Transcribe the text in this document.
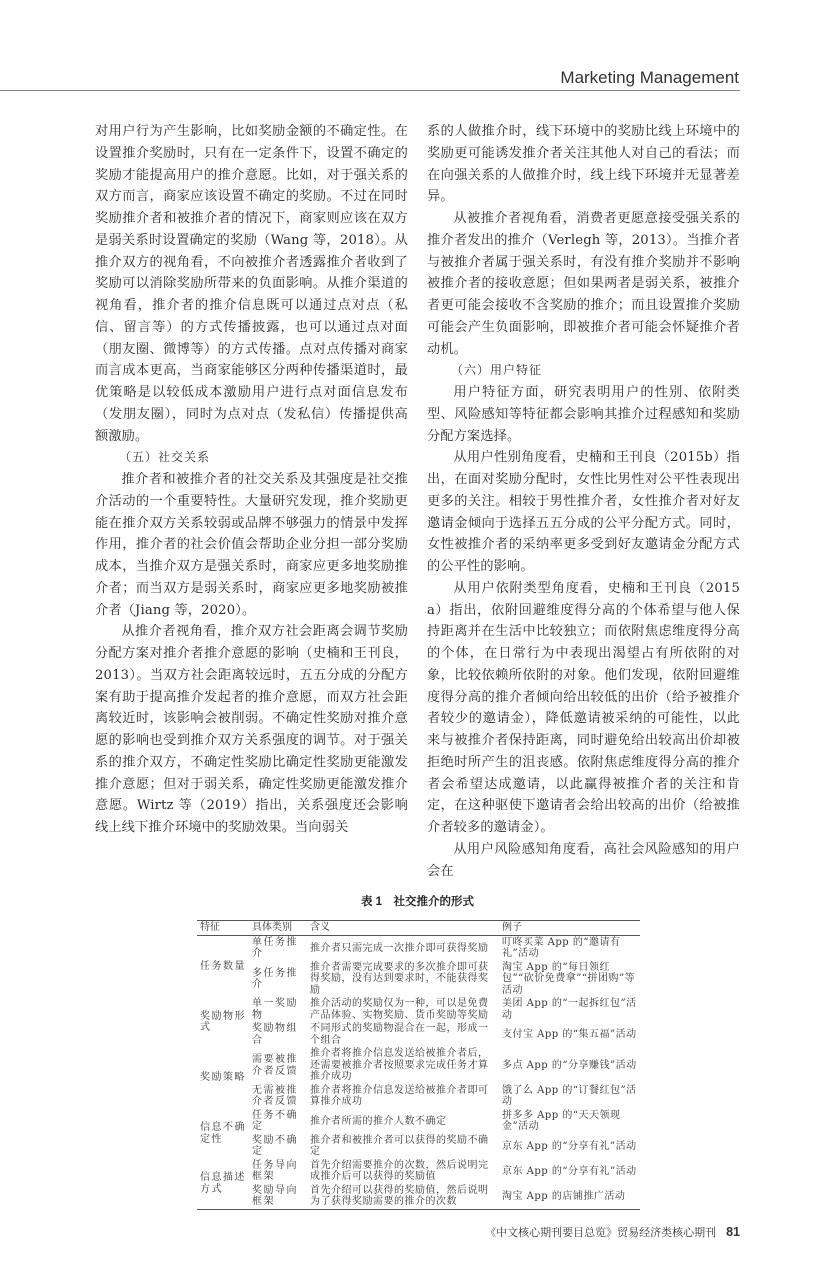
Marketing Management

对用户行为产生影响，比如奖励金额的不确定性。在设置推介奖励时，只有在一定条件下，设置不确定的奖励才能提高用户的推介意愿。比如，对于强关系的双方而言，商家应该设置不确定的奖励。不过在同时奖励推介者和被推介者的情况下，商家则应该在双方是弱关系时设置确定的奖励（Wang 等，2018）。从推介双方的视角看，不向被推介者透露推介者收到了奖励可以消除奖励所带来的负面影响。从推介渠道的视角看，推介者的推介信息既可以通过点对点（私信、留言等）的方式传播披露，也可以通过点对面（朋友圈、微博等）的方式传播。点对点传播对商家而言成本更高，当商家能够区分两种传播渠道时，最优策略是以较低成本激励用户进行点对面信息发布（发朋友圈），同时为点对点（发私信）传播提供高额激励。

（五）社交关系

推介者和被推介者的社交关系及其强度是社交推介活动的一个重要特性。大量研究发现，推介奖励更能在推介双方关系较弱或品牌不够强力的情景中发挥作用，推介者的社会价值会帮助企业分担一部分奖励成本，当推介双方是强关系时，商家应更多地奖励推介者；而当双方是弱关系时，商家应更多地奖励被推介者（Jiang 等，2020）。

从推介者视角看，推介双方社会距离会调节奖励分配方案对推介者推介意愿的影响（史楠和王刊良，2013）。当双方社会距离较远时，五五分成的分配方案有助于提高推介发起者的推介意愿，而双方社会距离较近时，该影响会被削弱。不确定性奖励对推介意愿的影响也受到推介双方关系强度的调节。对于强关系的推介双方，不确定性奖励比确定性奖励更能激发推介意愿；但对于弱关系，确定性奖励更能激发推介意愿。Wirtz 等（2019）指出，关系强度还会影响线上线下推介环境中的奖励效果。当向弱关

系的人做推介时，线下环境中的奖励比线上环境中的奖励更可能诱发推介者关注其他人对自己的看法；而在向强关系的人做推介时，线上线下环境并无显著差异。

从被推介者视角看，消费者更愿意接受强关系的推介者发出的推介（Verlegh 等，2013）。当推介者与被推介者属于强关系时，有没有推介奖励并不影响被推介者的接收意愿；但如果两者是弱关系，被推介者更可能会接收不含奖励的推介；而且设置推介奖励可能会产生负面影响，即被推介者可能会怀疑推介者动机。

（六）用户特征

用户特征方面，研究表明用户的性别、依附类型、风险感知等特征都会影响其推介过程感知和奖励分配方案选择。

从用户性别角度看，史楠和王刊良（2015b）指出，在面对奖励分配时，女性比男性对公平性表现出更多的关注。相较于男性推介者，女性推介者对好友邀请金倾向于选择五五分成的公平分配方式。同时，女性被推介者的采纳率更多受到好友邀请金分配方式的公平性的影响。

从用户依附类型角度看，史楠和王刊良（2015a）指出，依附回避维度得分高的个体希望与他人保持距离并在生活中比较独立；而依附焦虑维度得分高的个体，在日常行为中表现出渴望占有所依附的对象，比较依赖所依附的对象。他们发现，依附回避维度得分高的推介者倾向给出较低的出价（给予被推介者较少的邀请金），降低邀请被采纳的可能性，以此来与被推介者保持距离，同时避免给出较高出价却被拒绝时所产生的沮丧感。依附焦虑维度得分高的推介者会希望达成邀请，以此赢得被推介者的关注和肯定，在这种驱使下邀请者会给出较高的出价（给被推介者较多的邀请金）。

从用户风险感知角度看，高社会风险感知的用户会在

表 1　社交推介的形式
特征	具体类别	含义	例子
任务数量	单任务推介	推介者只需完成一次推介即可获得奖励	叮咚买菜 App 的“邀请有礼”活动
	多任务推介	推介者需要完成要求的多次推介即可获得奖励，没有达到要求时，不能获得奖励	淘宝 App 的“每日领红包”“砍价免费拿”“拼团购”等活动
奖励物形式	单一奖励物	推介活动的奖励仅为一种，可以是免费产品体验、实物奖励、货币奖励等奖励	美团 App 的“一起拆红包”活动
	奖励物组合	不同形式的奖励物混合在一起，形成一个组合	支付宝 App 的“集五福”活动
奖励策略	需要被推介者反馈	推介者将推介信息发送给被推介者后，还需要被推介者按照要求完成任务才算推介成功	多点 App 的“分享赚钱”活动
	无需被推介者反馈	推介者将推介信息发送给被推介者即可算推介成功	饿了么 App 的“订餐红包”活动
信息不确定性	任务不确定	推介者所需的推介人数不确定	拼多多 App 的“天天领现金”活动
	奖励不确定	推介者和被推介者可以获得的奖励不确定	京东 App 的“分享有礼”活动
信息描述方式	任务导向框架	首先介绍需要推介的次数，然后说明完成推介后可以获得的奖励值	京东 App 的“分享有礼”活动
	奖励导向框架	首先介绍可以获得的奖励值，然后说明为了获得奖励需要的推介的次数	淘宝 App 的店铺推广活动
《中文核心期刊要目总览》贸易经济类核心期刊 81
